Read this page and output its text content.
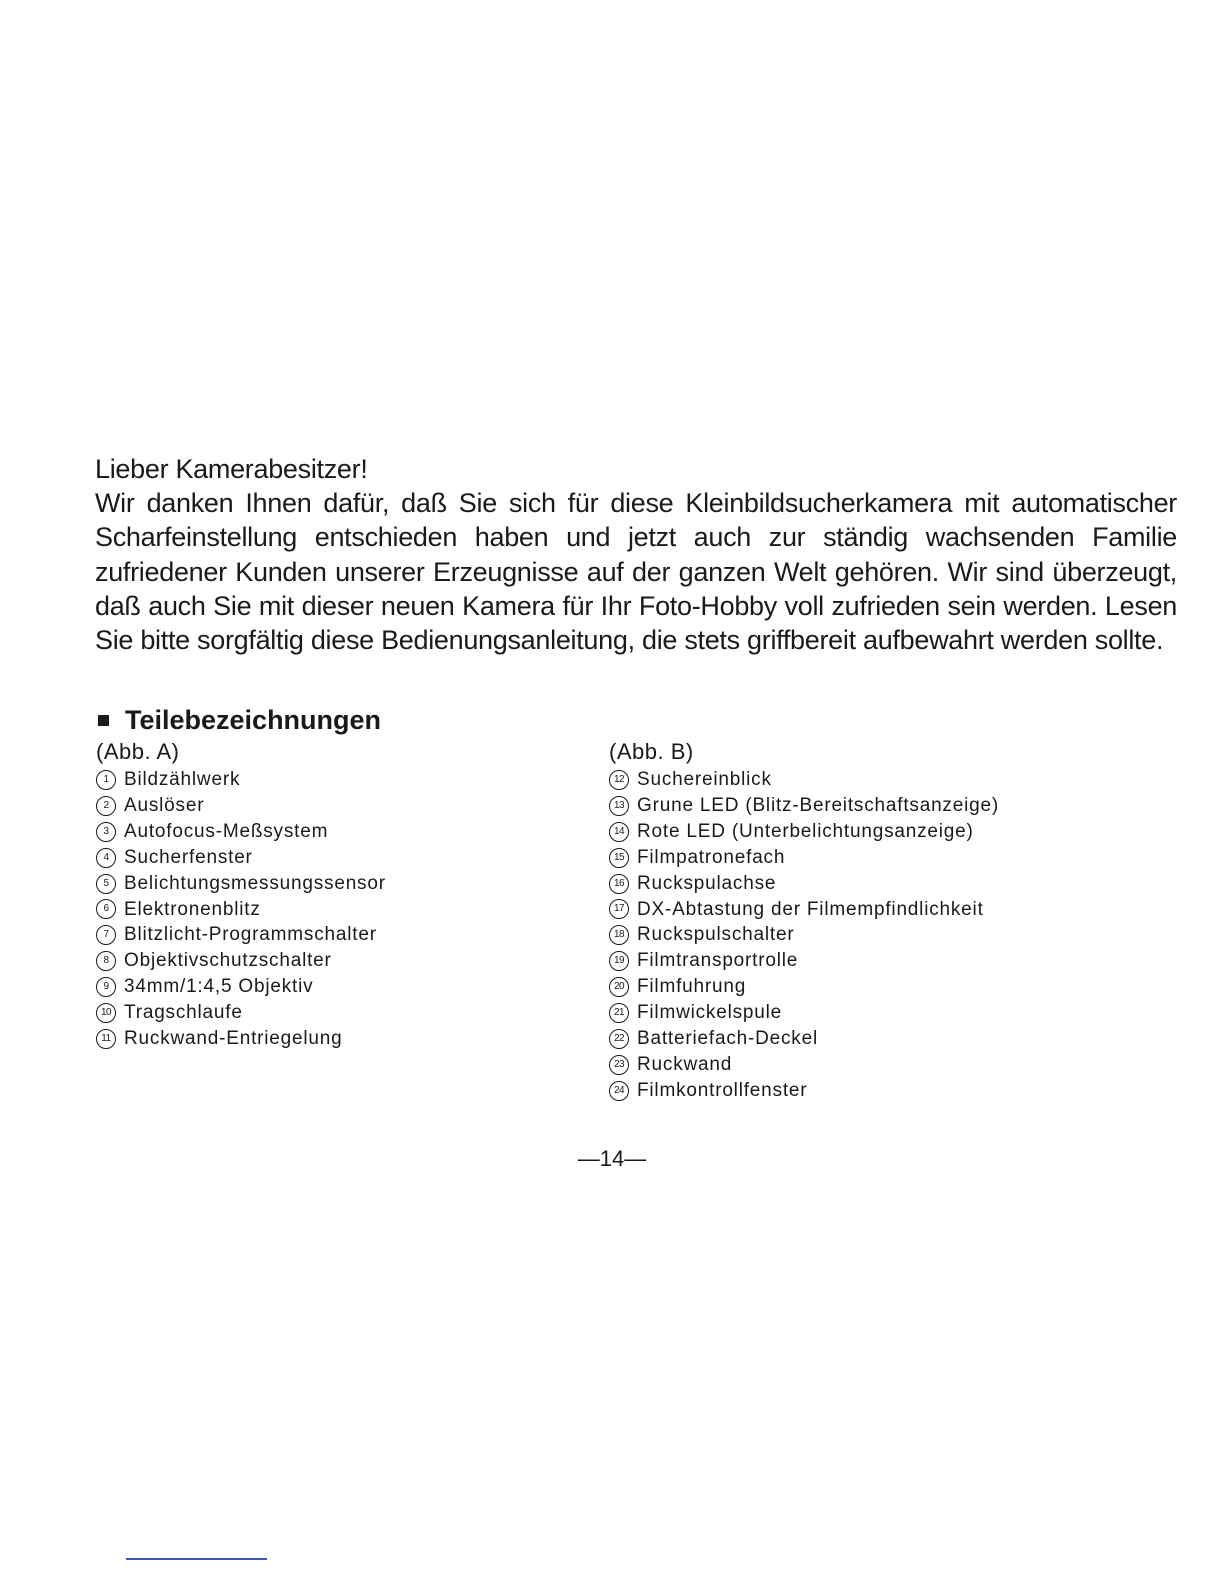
Lieber Kamerabesitzer!

Wir danken Ihnen dafür, daß Sie sich für diese Kleinbildsucherkamera mit automatischer Scharfeinstellung entschieden haben und jetzt auch zur ständig wachsenden Familie zufriedener Kunden unserer Erzeugnisse auf der ganzen Welt gehören. Wir sind überzeugt, daß auch Sie mit dieser neuen Kamera für Ihr Foto-Hobby voll zufrieden sein werden. Lesen Sie bitte sorgfältig diese Bedienungsanleitung, die stets griffbereit aufbewahrt werden sollte.

Teilebezeichnungen
(Abb. A)
1 Bildzählwerk
2 Auslöser
3 Autofocus-Meßsystem
4 Sucherfenster
5 Belichtungsmessungssensor
6 Elektronenblitz
7 Blitzlicht-Programmschalter
8 Objektivschutzschalter
9 34mm/1:4,5 Objektiv
10 Tragschlaufe
11 Ruckwand-Entriegelung
(Abb. B)
12 Suchereinblick
13 Grune LED (Blitz-Bereitschaftsanzeige)
14 Rote LED (Unterbelichtungsanzeige)
15 Filmpatronefach
16 Ruckspulachse
17 DX-Abtastung der Filmempfindlichkeit
18 Ruckspulschalter
19 Filmtransportrolle
20 Filmfuhrung
21 Filmwickelspule
22 Batteriefach-Deckel
23 Ruckwand
24 Filmkontrollfenster
—14—
